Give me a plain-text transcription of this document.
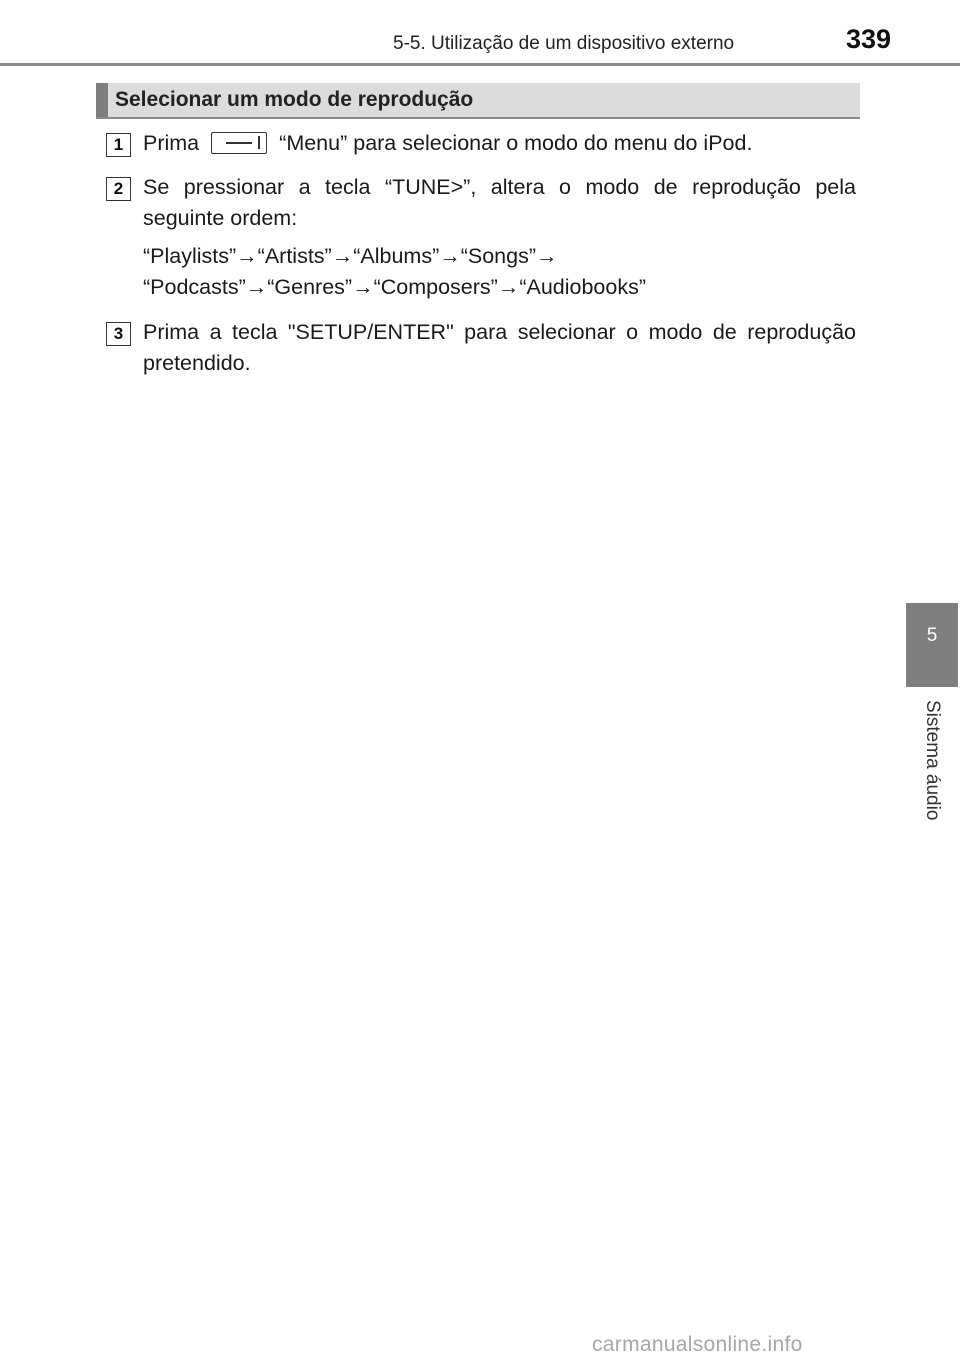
5-5. Utilização de um dispositivo externo	339
Selecionar um modo de reprodução
1 Prima	“Menu” para selecionar o modo do menu do iPod.
2 Se pressionar a tecla “TUNE>”, altera o modo de reprodução pela seguinte ordem:
“Playlists”→“Artists”→“Albums”→“Songs”→
“Podcasts”→“Genres”→“Composers”→“Audiobooks”
3 Prima a tecla "SETUP/ENTER" para selecionar o modo de reprodução pretendido.
5
Sistema áudio
carmanualsonline.info
